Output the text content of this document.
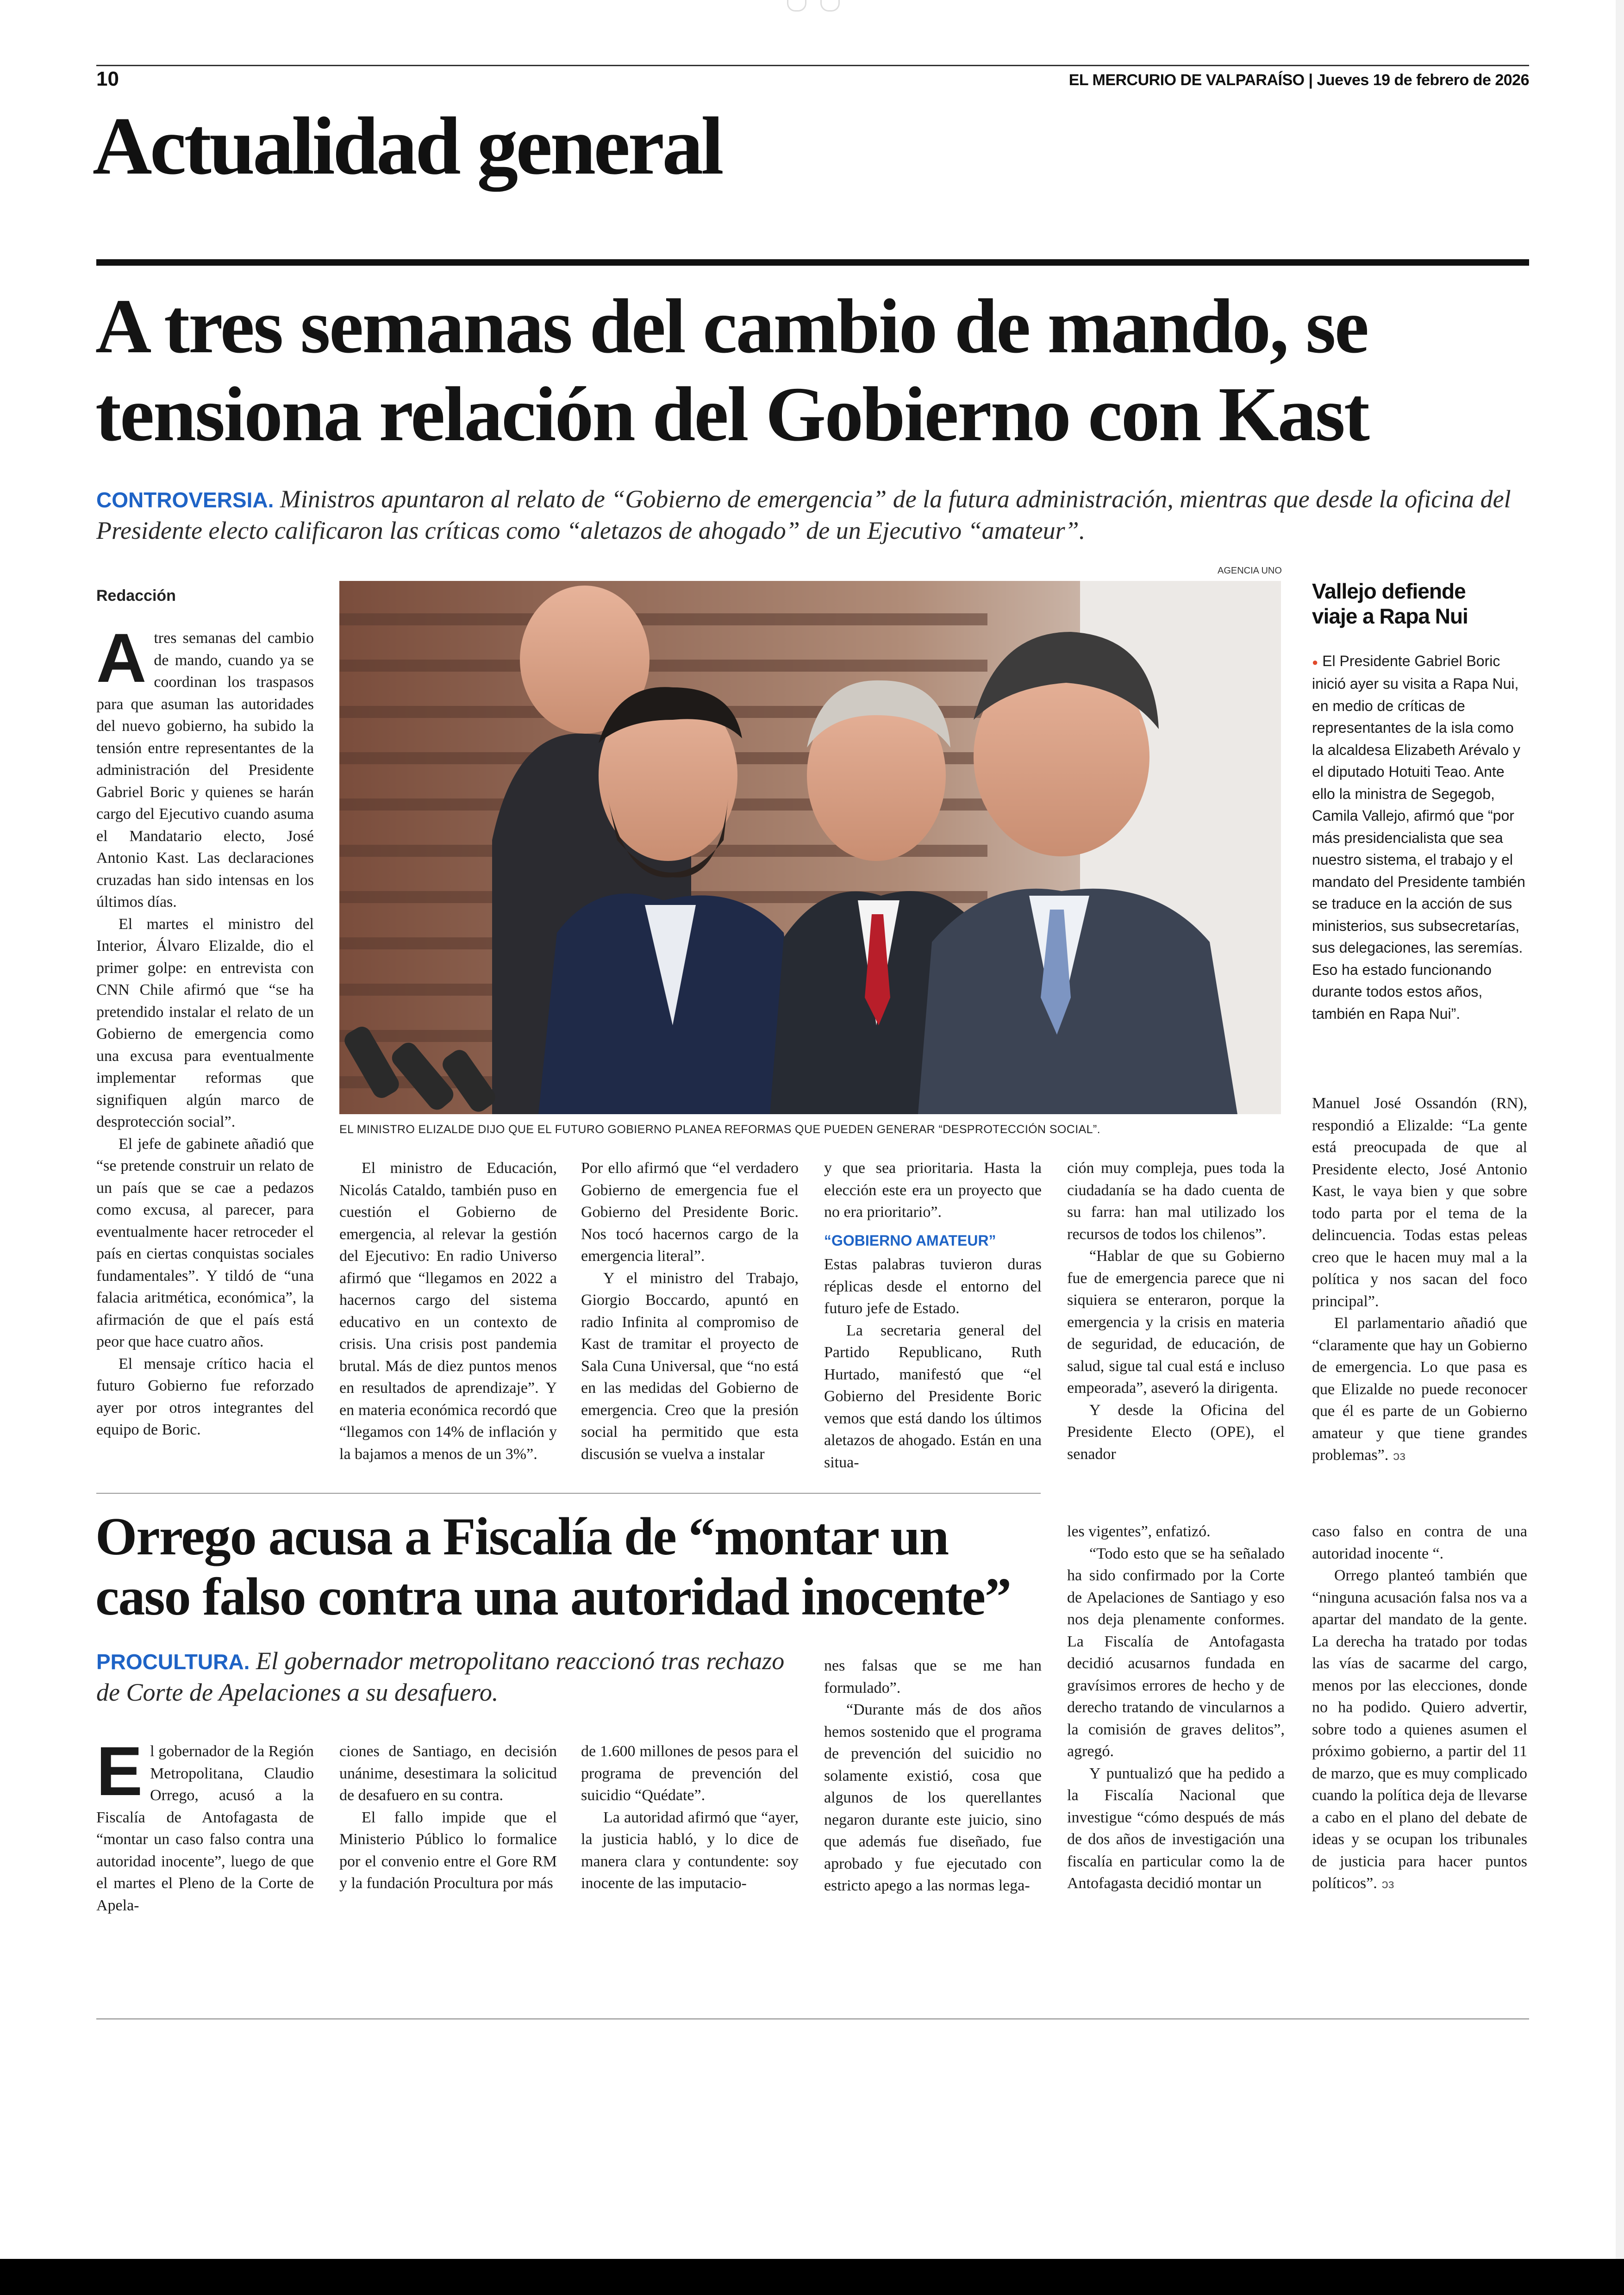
10	EL MERCURIO DE VALPARAÍSO | Jueves 19 de febrero de 2026
Actualidad general
A tres semanas del cambio de mando, se
tensiona relación del Gobierno con Kast
CONTROVERSIA. Ministros apuntaron al relato de “Gobierno de emergencia” de la futura administración, mientras que desde la oficina del Presidente electo calificaron las críticas como “aletazos de ahogado” de un Ejecutivo “amateur”.
Redacción

Atres semanas del cambio de mando, cuando ya se coordinan los traspasos para que asuman las autoridades del nuevo gobierno, ha subido la tensión entre representantes de la administración del Presidente Gabriel Boric y quienes se harán cargo del Ejecutivo cuando asuma el Mandatario electo, José Antonio Kast. Las declaraciones cruzadas han sido intensas en los últimos días.

El martes el ministro del Interior, Álvaro Elizalde, dio el primer golpe: en entrevista con CNN Chile afirmó que “se ha pretendido instalar el relato de un Gobierno de emergencia como una excusa para eventualmente implementar reformas que signifiquen algún marco de desprotección social”.

El jefe de gabinete añadió que “se pretende construir un relato de un país que se cae a pedazos como excusa, al parecer, para eventualmente hacer retroceder el país en ciertas conquistas sociales fundamentales”. Y tildó de “una falacia aritmética, económica”, la afirmación de que el país está peor que hace cuatro años.

El mensaje crítico hacia el futuro Gobierno fue reforzado ayer por otros integrantes del equipo de Boric.

AGENCIA UNO
EL MINISTRO ELIZALDE DIJO QUE EL FUTURO GOBIERNO PLANEA REFORMAS QUE PUEDEN GENERAR “DESPROTECCIÓN SOCIAL”.
Vallejo defiende
viaje a Rapa Nui
● El Presidente Gabriel Boric inició ayer su visita a Rapa Nui, en medio de críticas de representantes de la isla como la alcaldesa Elizabeth Arévalo y el diputado Hotuiti Teao. Ante ello la ministra de Segegob, Camila Vallejo, afirmó que “por más presidencialista que sea nuestro sistema, el trabajo y el mandato del Presidente también se traduce en la acción de sus ministerios, sus subsecretarías, sus delegaciones, las seremías. Eso ha estado funcionando durante todos estos años, también en Rapa Nui”.

El ministro de Educación, Nicolás Cataldo, también puso en cuestión el Gobierno de emergencia, al relevar la gestión del Ejecutivo: En radio Universo afirmó que “llegamos en 2022 a hacernos cargo del sistema educativo en un contexto de crisis. Una crisis post pandemia brutal. Más de diez puntos menos en resultados de aprendizaje”. Y en materia económica recordó que “llegamos con 14% de inflación y la bajamos a menos de un 3%”.

Por ello afirmó que “el verdadero Gobierno de emergencia fue el Gobierno del Presidente Boric. Nos tocó hacernos cargo de la emergencia literal”.

Y el ministro del Trabajo, Giorgio Boccardo, apuntó en radio Infinita al compromiso de Kast de tramitar el proyecto de Sala Cuna Universal, que “no está en las medidas del Gobierno de emergencia. Creo que la presión social ha permitido que esta discusión se vuelva a instalar

y que sea prioritaria. Hasta la elección este era un proyecto que no era prioritario”.

“GOBIERNO AMATEUR”

Estas palabras tuvieron duras réplicas desde el entorno del futuro jefe de Estado.

La secretaria general del Partido Republicano, Ruth Hurtado, manifestó que “el Gobierno del Presidente Boric vemos que está dando los últimos aletazos de ahogado. Están en una situa-

ción muy compleja, pues toda la ciudadanía se ha dado cuenta de su farra: han mal utilizado los recursos de todos los chilenos”.

“Hablar de que su Gobierno fue de emergencia parece que ni siquiera se enteraron, porque la emergencia y la crisis en materia de seguridad, de educación, de salud, sigue tal cual está e incluso empeorada”, aseveró la dirigenta.

Y desde la Oficina del Presidente Electo (OPE), el senador

Manuel José Ossandón (RN), respondió a Elizalde: “La gente está preocupada de que al Presidente electo, José Antonio Kast, le vaya bien y que sobre todo parta por el tema de la delincuencia. Todas estas peleas creo que le hacen muy mal a la política y nos sacan del foco principal”.

El parlamentario añadió que “claramente que hay un Gobierno de emergencia. Lo que pasa es que Elizalde no puede reconocer que él es parte de un Gobierno amateur y que tiene grandes problemas”. ↄз

Orrego acusa a Fiscalía de “montar un
caso falso contra una autoridad inocente”
PROCULTURA. El gobernador metropolitano reaccionó tras rechazo de Corte de Apelaciones a su desafuero.

El gobernador de la Región Metropolitana, Claudio Orrego, acusó a la Fiscalía de Antofagasta de “montar un caso falso contra una autoridad inocente”, luego de que el martes el Pleno de la Corte de Apela-

ciones de Santiago, en decisión unánime, desestimara la solicitud de desafuero en su contra.

El fallo impide que el Ministerio Público lo formalice por el convenio entre el Gore RM y la fundación Procultura por más

de 1.600 millones de pesos para el programa de prevención del suicidio “Quédate”.

La autoridad afirmó que “ayer, la justicia habló, y lo dice de manera clara y contundente: soy inocente de las imputacio-

nes falsas que se me han formulado”.

“Durante más de dos años hemos sostenido que el programa de prevención del suicidio no solamente existió, cosa que algunos de los querellantes negaron durante este juicio, sino que además fue diseñado, fue aprobado y fue ejecutado con estricto apego a las normas lega-

les vigentes”, enfatizó.

“Todo esto que se ha señalado ha sido confirmado por la Corte de Apelaciones de Santiago y eso nos deja plenamente conformes. La Fiscalía de Antofagasta decidió acusarnos fundada en gravísimos errores de hecho y de derecho tratando de vincularnos a la comisión de graves delitos”, agregó.

Y puntualizó que ha pedido a la Fiscalía Nacional que investigue “cómo después de más de dos años de investigación una fiscalía en particular como la de Antofagasta decidió montar un

caso falso en contra de una autoridad inocente “.

Orrego planteó también que “ninguna acusación falsa nos va a apartar del mandato de la gente. La derecha ha tratado por todas las vías de sacarme del cargo, menos por las elecciones, donde no ha podido. Quiero advertir, sobre todo a quienes asumen el próximo gobierno, a partir del 11 de marzo, que es muy complicado cuando la política deja de llevarse a cabo en el plano del debate de ideas y se ocupan los tribunales de justicia para hacer puntos políticos”. ↄз
